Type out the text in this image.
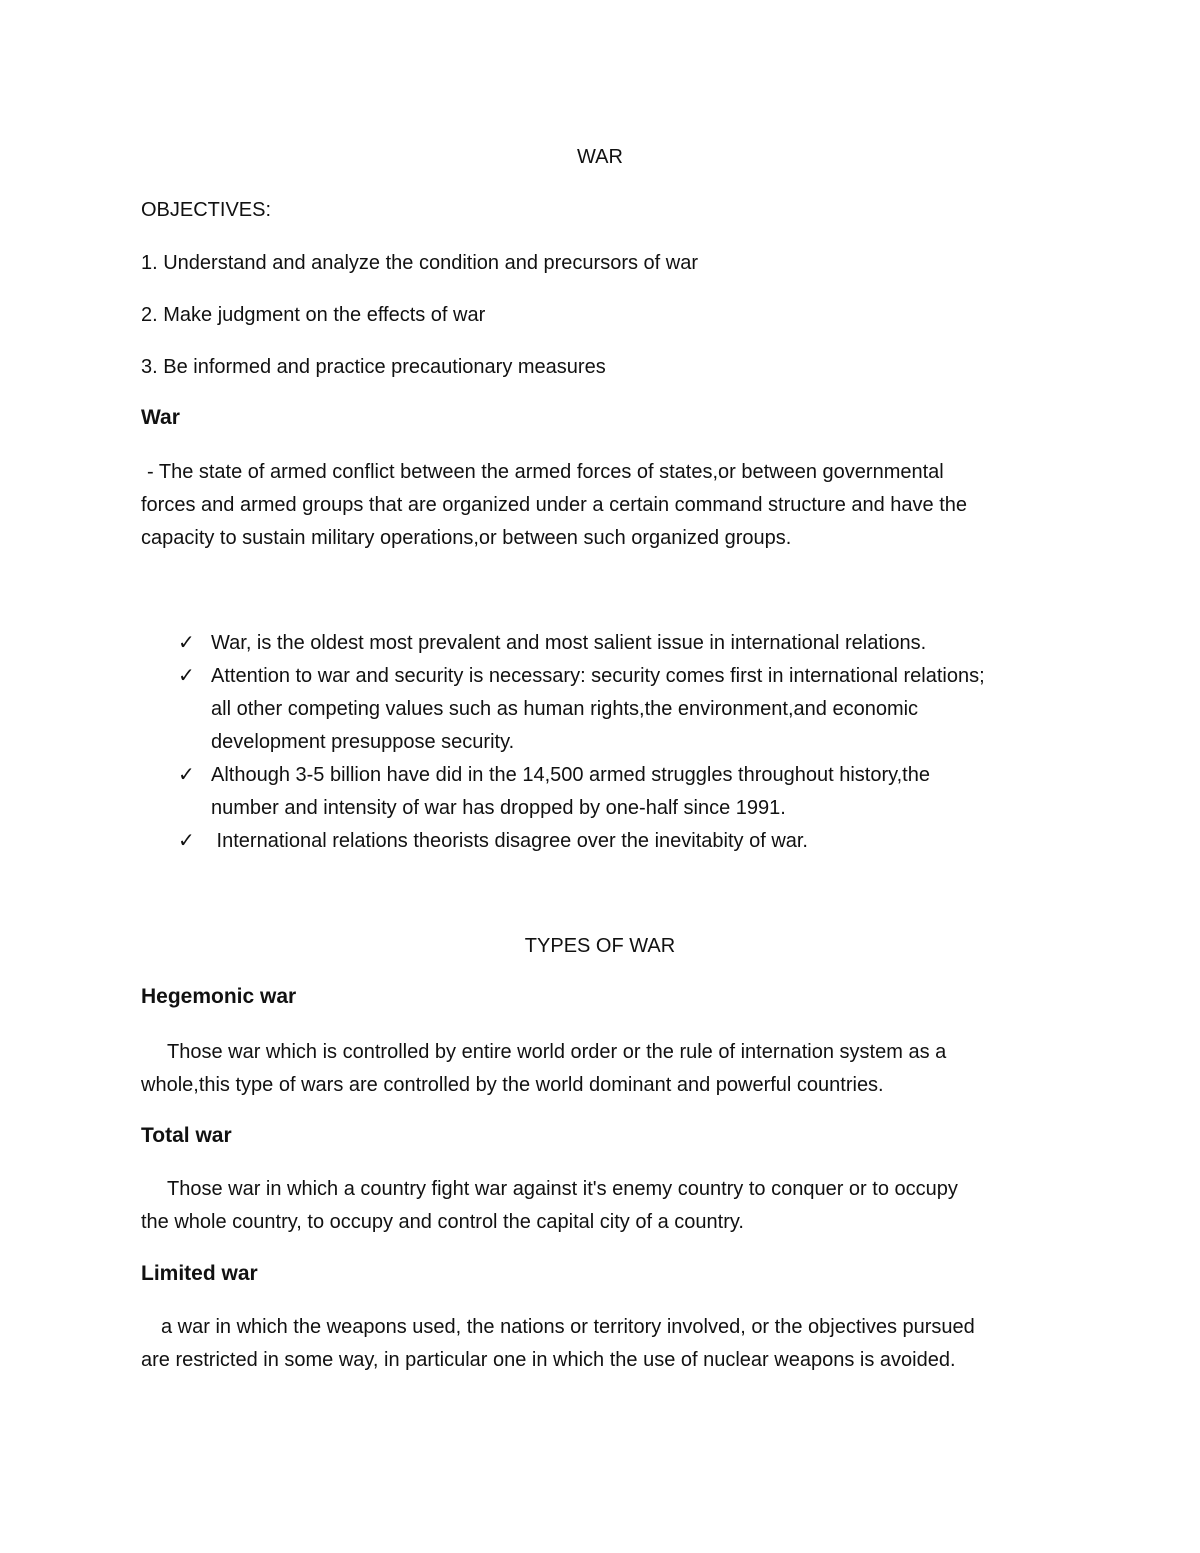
WAR
OBJECTIVES:
1. Understand and analyze the condition and precursors of war
2. Make judgment on the effects of war
3. Be informed and practice precautionary measures
War
- The state of armed conflict between the armed forces of states,or between governmental
forces and armed groups that are organized under a certain command structure and have the
capacity to sustain military operations,or between such organized groups.
✓ War, is the oldest most prevalent and most salient issue in international relations.
✓ Attention to war and security is necessary: security comes first in international relations;
all other competing values such as human rights,the environment,and economic
development presuppose security.
✓ Although 3-5 billion have did in the 14,500 armed struggles throughout history,the
number and intensity of war has dropped by one-half since 1991.
✓ International relations theorists disagree over the inevitabity of war.
TYPES OF WAR
Hegemonic war
Those war which is controlled by entire world order or the rule of internation system as a
whole,this type of wars are controlled by the world dominant and powerful countries.
Total war
Those war in which a country fight war against it's enemy country to conquer or to occupy
the whole country, to occupy and control the capital city of a country.
Limited war
a war in which the weapons used, the nations or territory involved, or the objectives pursued
are restricted in some way, in particular one in which the use of nuclear weapons is avoided.
